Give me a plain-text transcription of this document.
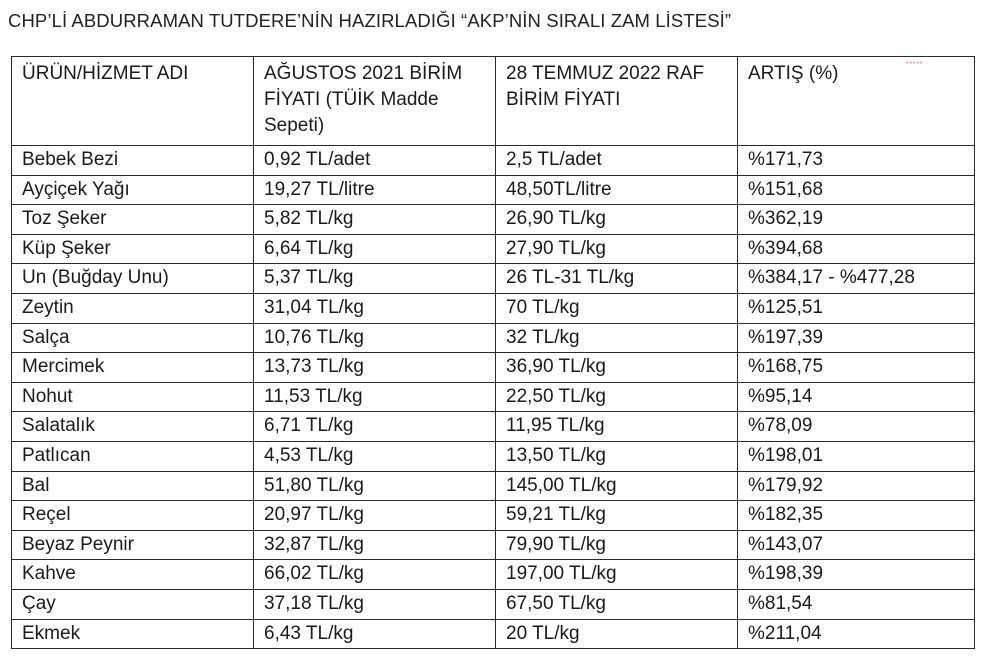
CHP’Lİ ABDURRAMAN TUTDERE’NİN HAZIRLADIĞI “AKP’NİN SIRALI ZAM LİSTESİ”
▪▪▪▪▪
ÜRÜN/HİZMET ADI	AĞUSTOS 2021 BİRİM FİYATI (TÜİK Madde Sepeti)	28 TEMMUZ 2022 RAF BİRİM FİYATI	ARTIŞ (%)
Bebek Bezi	0,92 TL/adet	2,5 TL/adet	%171,73
Ayçiçek Yağı	19,27 TL/litre	48,50TL/litre	%151,68
Toz Şeker	5,82 TL/kg	26,90 TL/kg	%362,19
Küp Şeker	6,64 TL/kg	27,90 TL/kg	%394,68
Un (Buğday Unu)	5,37 TL/kg	26 TL-31 TL/kg	%384,17 - %477,28
Zeytin	31,04 TL/kg	70 TL/kg	%125,51
Salça	10,76 TL/kg	32 TL/kg	%197,39
Mercimek	13,73 TL/kg	36,90 TL/kg	%168,75
Nohut	11,53 TL/kg	22,50 TL/kg	%95,14
Salatalık	6,71 TL/kg	11,95 TL/kg	%78,09
Patlıcan	4,53 TL/kg	13,50 TL/kg	%198,01
Bal	51,80 TL/kg	145,00 TL/kg	%179,92
Reçel	20,97 TL/kg	59,21 TL/kg	%182,35
Beyaz Peynir	32,87 TL/kg	79,90 TL/kg	%143,07
Kahve	66,02 TL/kg	197,00 TL/kg	%198,39
Çay	37,18 TL/kg	67,50 TL/kg	%81,54
Ekmek	6,43 TL/kg	20 TL/kg	%211,04
